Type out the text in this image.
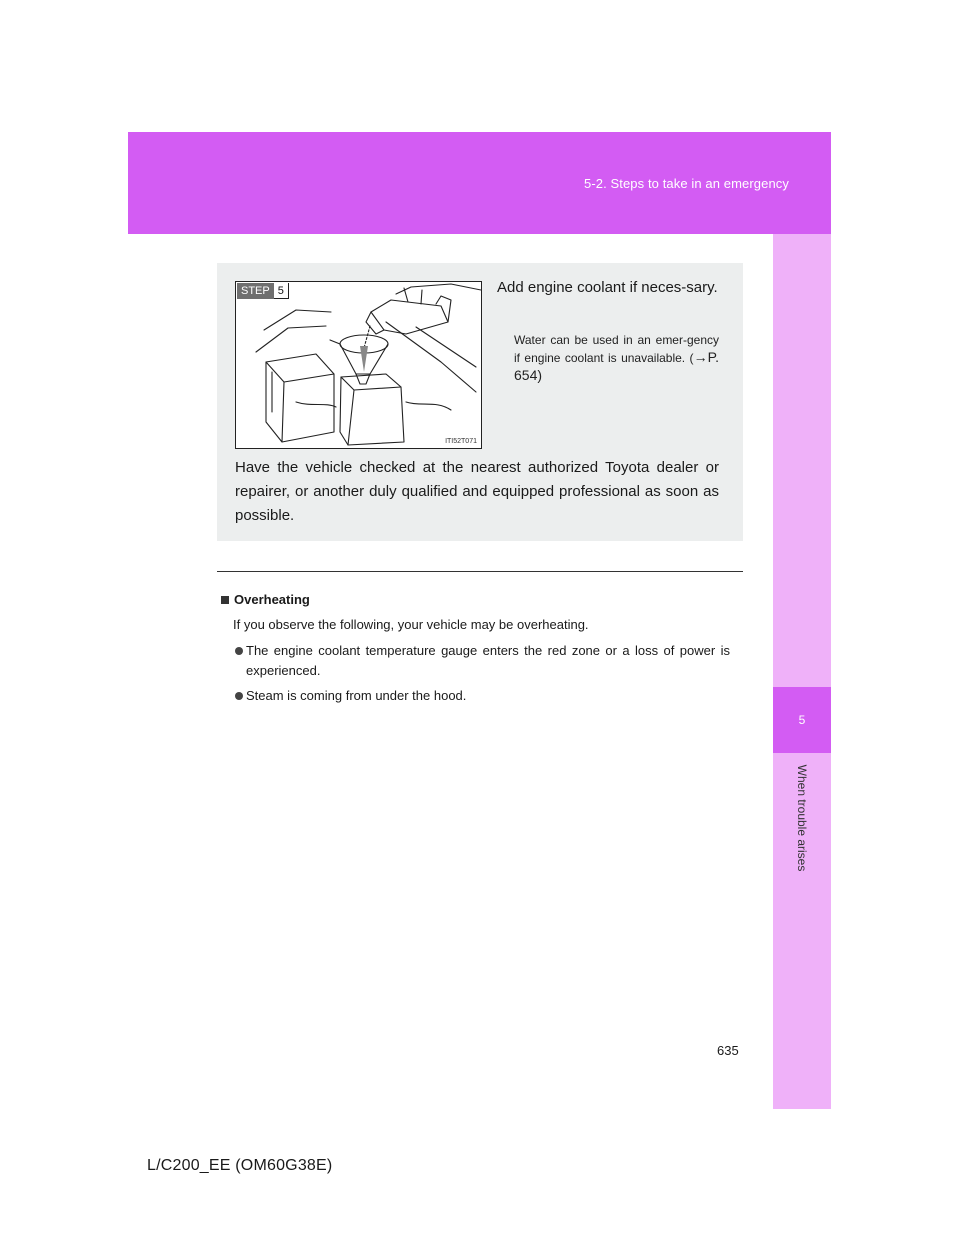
5-2. Steps to take in an emergency
5
When trouble arises
STEP 5
ITI52T071
Add engine coolant if neces-sary.
Water can be used in an emer-gency if engine coolant is unavailable. (→P. 654)
Have the vehicle checked at the nearest authorized Toyota dealer or repairer, or another duly qualified and equipped professional as soon as possible.
Overheating
If you observe the following, your vehicle may be overheating.
The engine coolant temperature gauge enters the red zone or a loss of power is experienced.
Steam is coming from under the hood.
635
L/C200_EE (OM60G38E)
